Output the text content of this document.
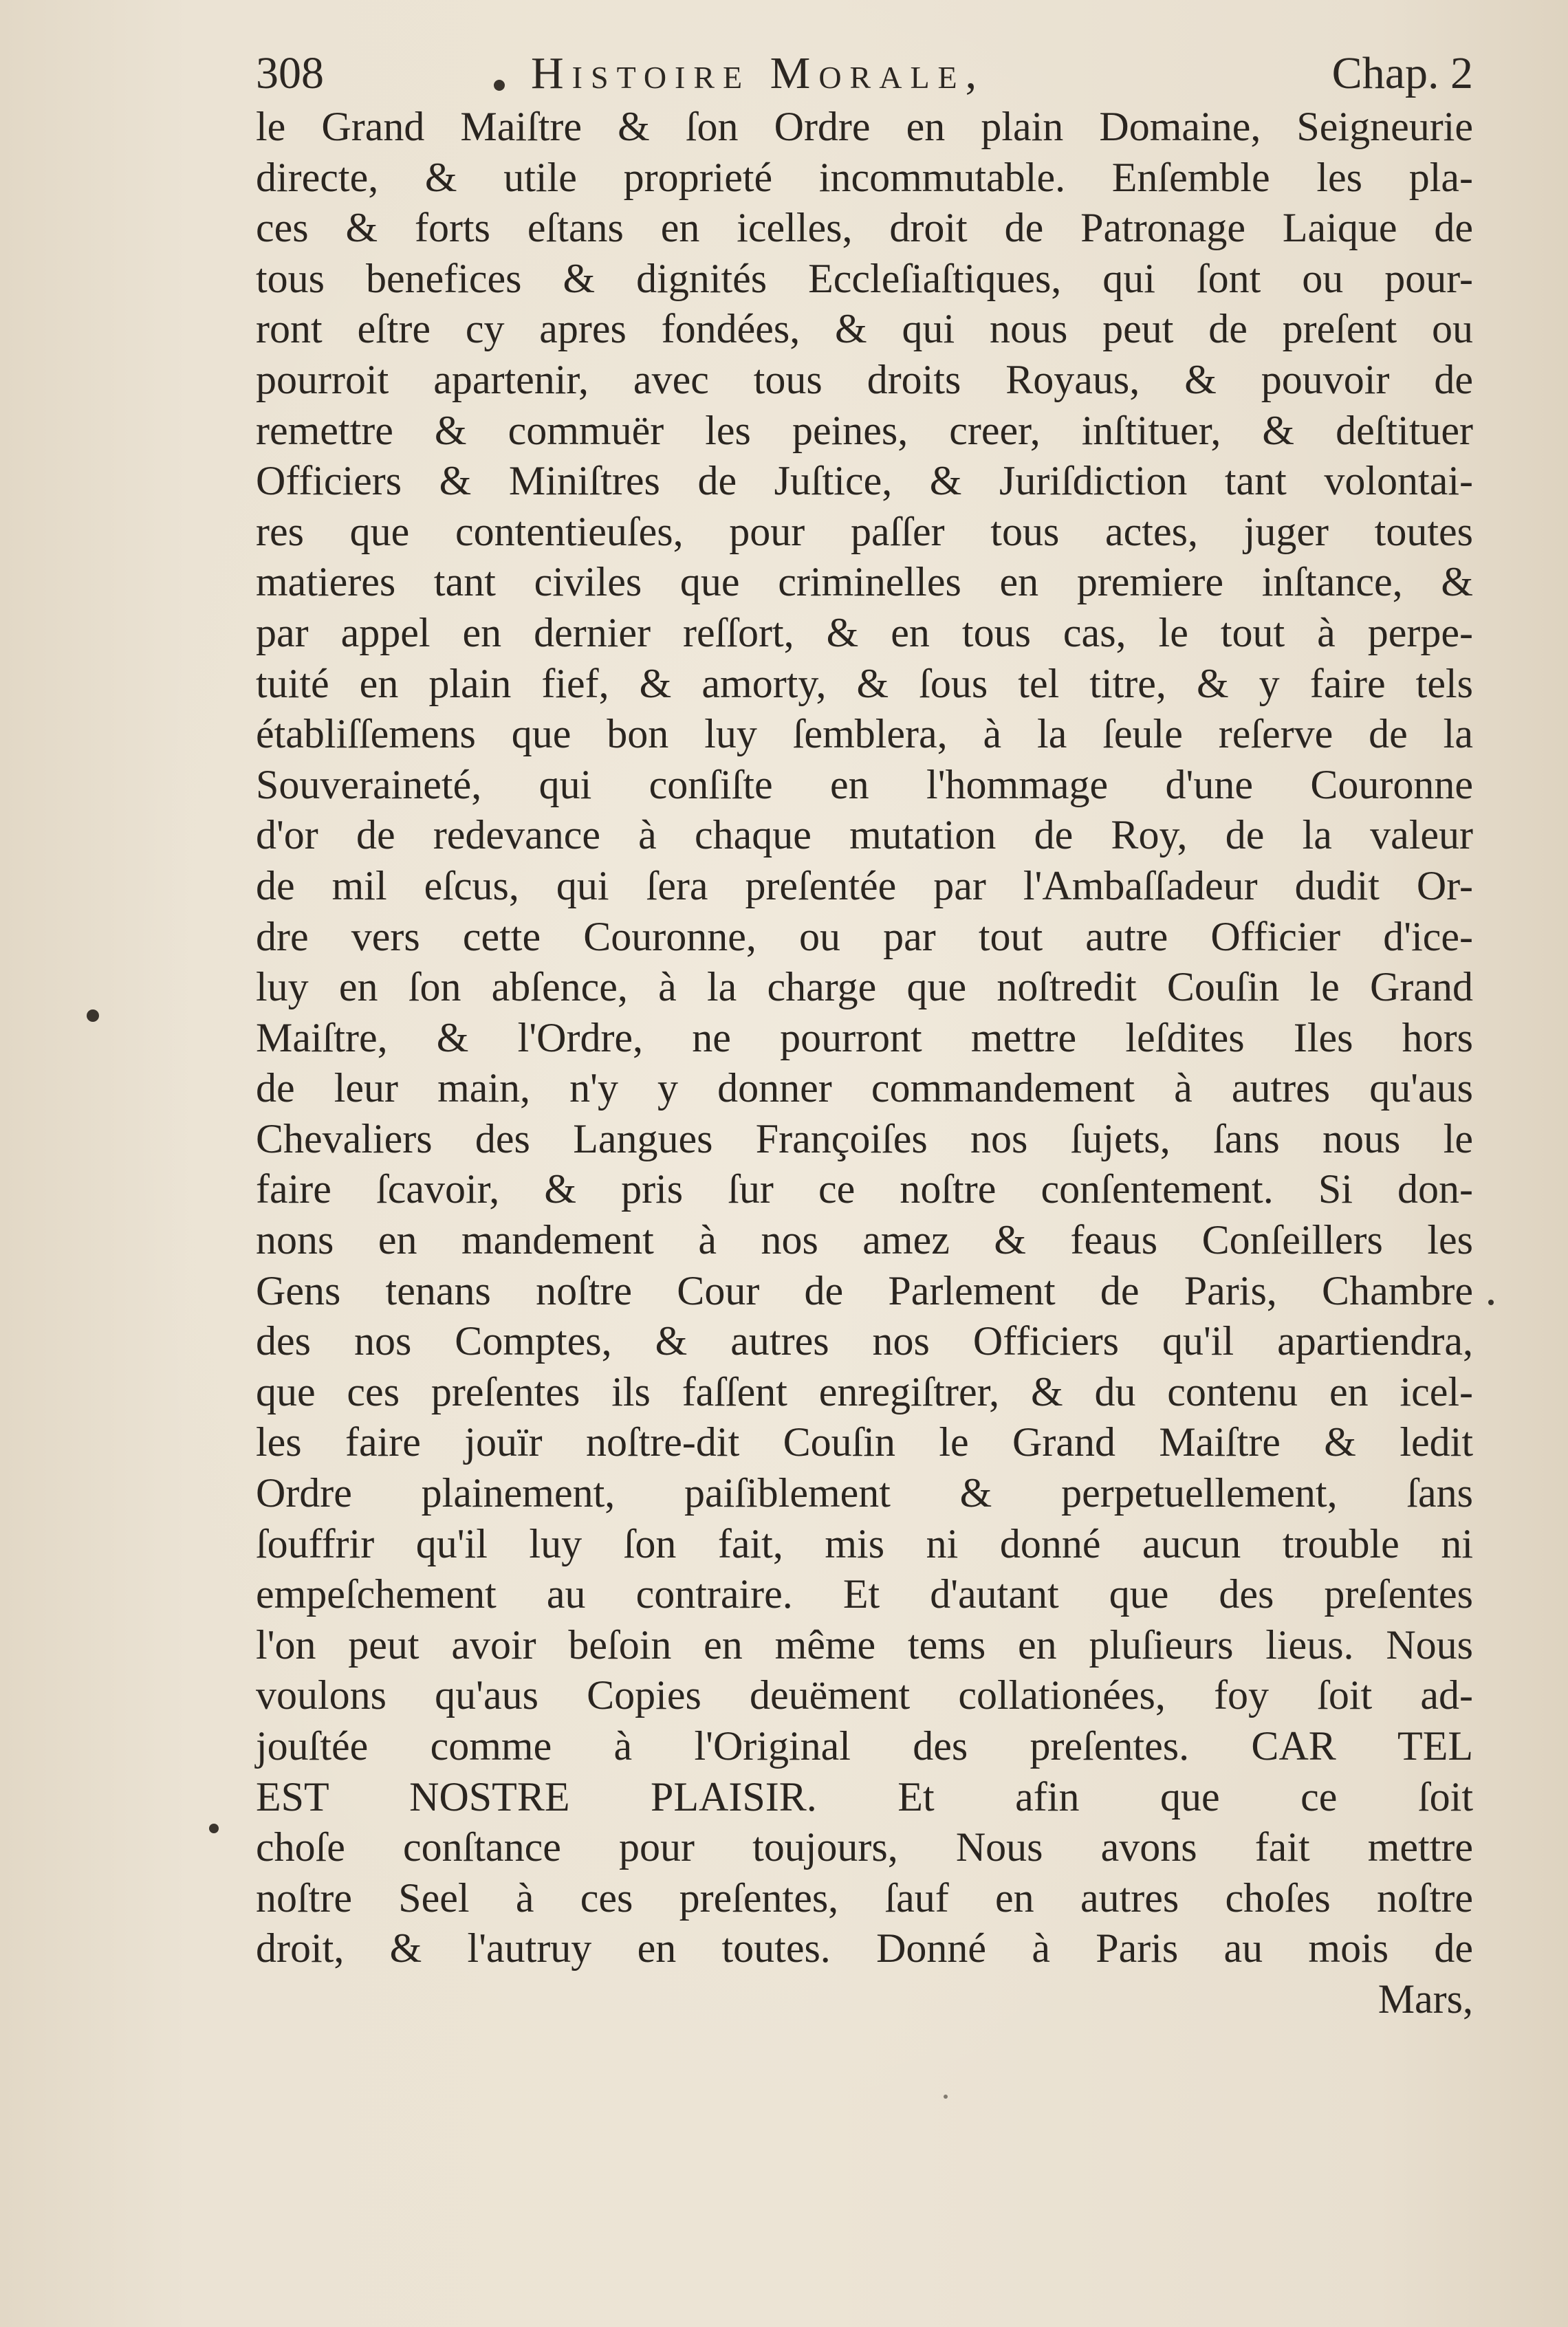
308	Histoire Morale,	Chap. 2
le Grand Maiſtre & ſon Ordre en plain Domaine, Seigneurie
directe, & utile proprieté incommutable. Enſemble les pla-
ces & forts eſtans en icelles, droit de Patronage Laique de
tous benefices & dignités Eccleſiaſtiques, qui ſont ou pour-
ront eſtre cy apres fondées, & qui nous peut de preſent ou
pourroit apartenir, avec tous droits Royaus, & pouvoir de
remettre & commuër les peines, creer, inſtituer, & deſtituer
Officiers & Miniſtres de Juſtice, & Juriſdiction tant volontai-
res que contentieuſes, pour paſſer tous actes, juger toutes
matieres tant civiles que criminelles en premiere inſtance, &
par appel en dernier reſſort, & en tous cas, le tout à perpe-
tuité en plain fief, & amorty, & ſous tel titre, & y faire tels
établiſſemens que bon luy ſemblera, à la ſeule reſerve de la
Souveraineté, qui conſiſte en l'hommage d'une Couronne
d'or de redevance à chaque mutation de Roy, de la valeur
de mil eſcus, qui ſera preſentée par l'Ambaſſadeur dudit Or-
dre vers cette Couronne, ou par tout autre Officier d'ice-
luy en ſon abſence, à la charge que noſtredit Couſin le Grand
Maiſtre, & l'Ordre, ne pourront mettre leſdites Iles hors
de leur main, n'y y donner commandement à autres qu'aus
Chevaliers des Langues Françoiſes nos ſujets, ſans nous le
faire ſcavoir, & pris ſur ce noſtre conſentement. Si don-
nons en mandement à nos amez & feaus Conſeillers les
Gens tenans noſtre Cour de Parlement de Paris, Chambre
des nos Comptes, & autres nos Officiers qu'il apartiendra,
que ces preſentes ils faſſent enregiſtrer, & du contenu en icel-
les faire jouïr noſtre-dit Couſin le Grand Maiſtre & ledit
Ordre plainement, paiſiblement & perpetuellement, ſans
ſouffrir qu'il luy ſon fait, mis ni donné aucun trouble ni
empeſchement au contraire. Et d'autant que des preſentes
l'on peut avoir beſoin en même tems en pluſieurs lieus. Nous
voulons qu'aus Copies deuëment collationées, foy ſoit ad-
jouſtée comme à l'Original des preſentes. CAR TEL
EST NOSTRE PLAISIR. Et afin que ce ſoit
choſe conſtance pour toujours, Nous avons fait mettre
noſtre Seel à ces preſentes, ſauf en autres choſes noſtre
droit, & l'autruy en toutes. Donné à Paris au mois de
Mars,
